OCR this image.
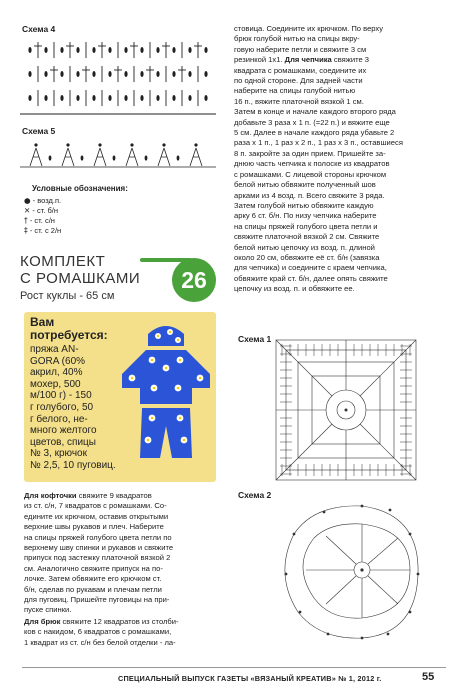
Схема 4
Схема 5
Условные обозначения:
● - возд.п.
✕ - ст. б/н
† - ст. с/н
‡ - ст. с 2/н
КОМПЛЕКТ
С РОМАШКАМИ
Рост куклы - 65 см
26
Вам
потребуется:
пряжа AN-
GORA (60%
акрил, 40%
мохер, 500
м/100 г) - 150
г голубого, 50
г белого, не-
много желтого
цветов, спицы
№ 3, крючок
№ 2,5, 10 пуговиц.
Для кофточки свяжите 9 квадратов
из ст. с/н, 7 квадратов с ромашками. Со-
едините их крючком, оставив открытыми
верхние швы рукавов и плеч. Наберите
на спицы пряжей голубого цвета петли по
верхнему шву спинки и рукавов и свяжите
припуск под застежку платочной вязкой 2
см. Аналогично свяжите припуск на по-
лочке. Затем обвяжите его крючком ст.
б/н, сделав по рукавам и плечам петли
для пуговиц. Пришейте пуговицы на при-
пуске спинки.
Для брюк свяжите 12 квадратов из столби-
ков с накидом, 6 квадратов с ромашками,
1 квадрат из ст. с/н без белой отделки - ла-
стовица. Соедините их крючком. По верху
брюк голубой нитью на спицы вкру-
говую наберите петли и свяжите 3 см
резинкой 1х1. Для чепчика свяжите 3
квадрата с ромашками, соедините их
по одной стороне. Для задней части
наберите на спицы голубой нитью
16 п., вяжите платочной вязкой 1 см.
Затем в конце и начале каждого второго ряда
добавьте 3 раза х 1 п. (=22 п.) и вяжите еще
5 см. Далее в начале каждого ряда убавьте 2
раза х 1 п., 1 раз х 2 п., 1 раз х 3 п., оставшиеся
8 п. закройте за один прием. Пришейте за-
днюю часть чепчика к полоске из квадратов
с ромашками. С лицевой стороны крючком
белой нитью обвяжите полученный шов
арками из 4 возд. п. Всего свяжите 3 ряда.
Затем голубой нитью обвяжите каждую
арку 6 ст. б/н. По низу чепчика наберите
на спицы пряжей голубого цвета петли и
свяжите платочной вязкой 2 см. Свяжите
белой нитью цепочку из возд. п. длиной
около 20 см, обвяжите её ст. б/н (завязка
для чепчика) и соедините с краем чепчика,
обвяжите край ст. б/н, далее опять свяжите
цепочку из возд. п. и обвяжите ее.
Схема 1
Схема 2
СПЕЦИАЛЬНЫЙ ВЫПУСК ГАЗЕТЫ «ВЯЗАНЫЙ КРЕАТИВ» № 1, 2012 г.	55
